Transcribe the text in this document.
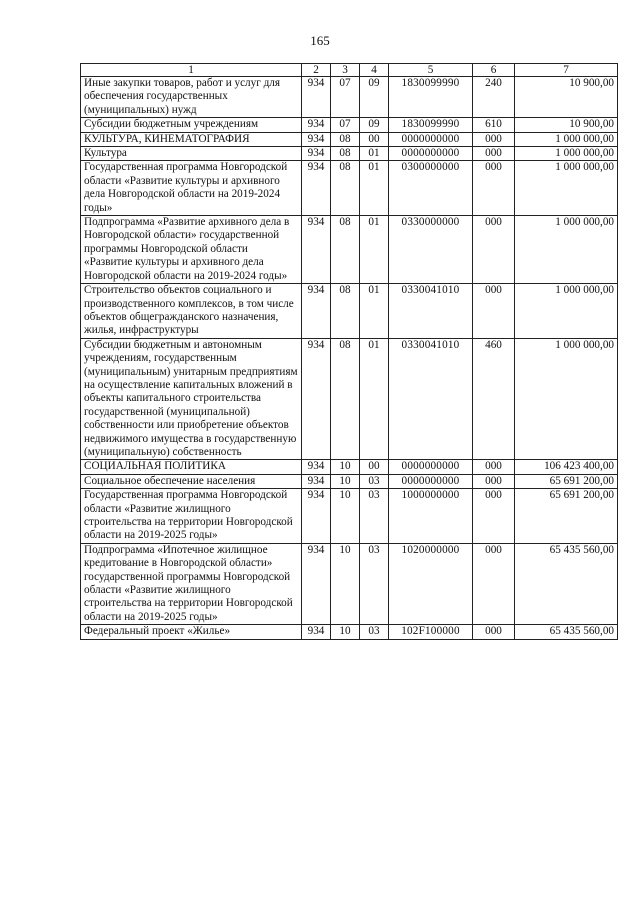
165
1	2	3	4	5	6	7
Иные закупки товаров, работ и услуг для обеспечения государственных (муниципальных) нужд	934	07	09	1830099990	240	10 900,00
Субсидии бюджетным учреждениям	934	07	09	1830099990	610	10 900,00
КУЛЬТУРА, КИНЕМАТОГРАФИЯ	934	08	00	0000000000	000	1 000 000,00
Культура	934	08	01	0000000000	000	1 000 000,00
Государственная программа Новгородской области «Развитие культуры и архивного дела Новгородской области на 2019-2024 годы»	934	08	01	0300000000	000	1 000 000,00
Подпрограмма «Развитие архивного дела в Новгородской области» государственной программы Новгородской области «Развитие культуры и архивного дела Новгородской области на 2019-2024 годы»	934	08	01	0330000000	000	1 000 000,00
Строительство объектов социального и производственного комплексов, в том числе объектов общегражданского назначения, жилья, инфраструктуры	934	08	01	0330041010	000	1 000 000,00
Субсидии бюджетным и автономным учреждениям, государственным (муниципальным) унитарным предприятиям на осуществление капитальных вложений в объекты капитального строительства государственной (муниципальной) собственности или приобретение объектов недвижимого имущества в государственную (муниципальную) собственность	934	08	01	0330041010	460	1 000 000,00
СОЦИАЛЬНАЯ ПОЛИТИКА	934	10	00	0000000000	000	106 423 400,00
Социальное обеспечение населения	934	10	03	0000000000	000	65 691 200,00
Государственная программа Новгородской области «Развитие жилищного строительства на территории Новгородской области на 2019-2025 годы»	934	10	03	1000000000	000	65 691 200,00
Подпрограмма «Ипотечное жилищное кредитование в Новгородской области» государственной программы Новгородской области «Развитие жилищного строительства на территории Новгородской области на 2019-2025 годы»	934	10	03	1020000000	000	65 435 560,00
Федеральный проект «Жилье»	934	10	03	102F100000	000	65 435 560,00
